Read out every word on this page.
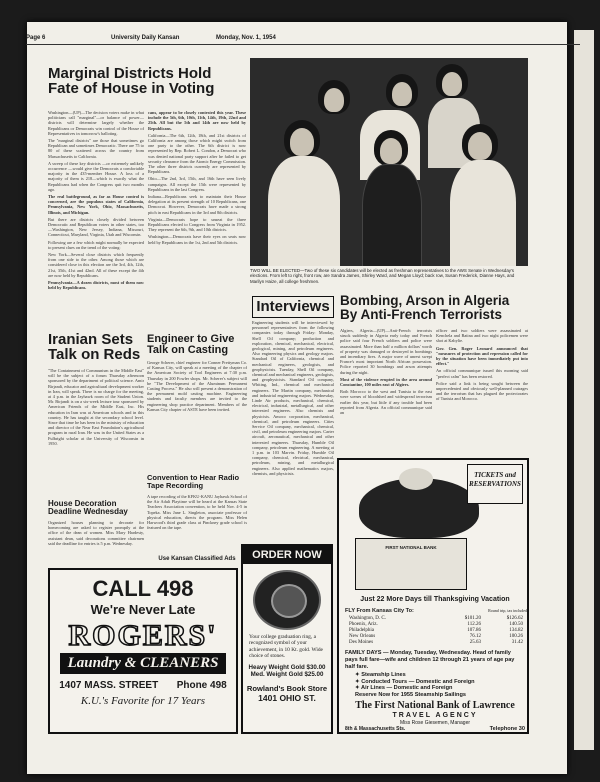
Page 6	University Daily Kansan	Monday, Nov. 1, 1954
Marginal Districts Hold Fate of House in Voting

Washington—(UP)—The decision voters make in what politicians call "marginal"—or balance of power—districts will determine largely whether the Republicans or Democrats win control of the House of Representatives in tomorrow's balloting.

The "marginal districts" are those that sometimes go Republican and sometimes Democratic. There are 75 to 80 of these scattered across the country from Massachusetts to California.

A sweep of these key districts —or extremely unlikely occurrence —would give the Democrats a comfortable majority in the 435-member House. A loss of a majority of them is 218—which is exactly what the Republicans had when the Congress quit two months ago.

The real battleground, as far as House control is concerned, are the populous states of California, Pennsylvania, New York, Ohio, Massachusetts, Illinois, and Michigan.

But there are districts closely divided between Democratic and Republican voters in other states, too—Washington, New Jersey, Indiana, Missouri, Connecticut, Maryland, Virginia, Utah and Wisconsin.

Following are a few which might normally be expected to present clues on the trend of the voting:

New York—Several close districts which frequently from one side to the other. Among those which are considered close in this election are the 3rd, 4th, 12th, 21st, 35th, 41st and 42nd. All of these except the 4th are now held by Republicans.

Pennsylvania—A dozen districts, most of them now held by Republicans.

cans, appear to be closely contested this year. These include the 5th, 6th, 10th, 11th, 14th, 19th, 22nd and 25th. All but the 5th and 14th are now held by Republicans.

California—The 6th, 12th, 18th, and 21st districts of California are among those which might switch from one party to the other. The 6th district is now represented by Rep. Robert L. Condon, a Democrat who was denied national party support after he failed to get security clearance from the Atomic Energy Commission. The other three districts currently are represented by Republicans.

Ohio—The 2nd, 3rd, 15th, and 16th have seen lively campaigns. All except the 15th were represented by Republicans in the last Congress.

Indiana—Republicans seek to maintain their House delegation at its present strength of 10 Republicans, one Democrat. However, Democrats have made a strong pitch in east Republicans in the 3rd and 8th districts.

Virginia—Democrats hope to unseat the three Republicans elected to Congress from Virginia in 1952. They represent the 6th, 9th, and 10th districts.

Washington—Democrats have their eyes on seats now held by Republicans in the 1st, 2nd and 5th districts.

TWO WILL BE ELECTED—Two of these six candidates will be elected as freshman representatives to the AWS Senate in Wednesday's elections. From left to right, front row, are Sandra James, Shirley Ward, and Megan Lloyd; back row, Susan Frederick, Dianne Hays, and Marilyn Haize, all college freshmen.
Iranian Sets Talk on Reds
"The Containment of Communism in the Middle East" will be the subject of a forum Thursday afternoon sponsored by the department of political science. Amir Birjandi, educator and agricultural development worker in Iran, will speak. There is no charge for the meeting, at 4 p.m. in the Jayhawk room of the Student Union. Mr. Birjandi is on a six-week lecture tour sponsored by American Friends of the Middle East, Inc. His education in Iran was at American schools and in this country. He has taught at the secondary school level. Since that time he has been in the ministry of education and director of the Near East Foundation's agricultural program in rural Iran. He was in the United States as a Fulbright scholar at the University of Wisconsin in 1950.
House Decoration Deadline Wednesday
Organized houses planning to decorate for homecoming are asked to register promptly at the office of the dean of women. Miss Mary Hardesty, assistant dean, said decorations committee chairmen said the deadline for entries is 5 p.m. Wednesday.
Engineer to Give Talk on Casting
George Scherer, chief engineer for Conner Prettyman Co. of Kansas City, will speak at a meeting of the chapter of the American Society of Tool Engineers at 7:30 p.m. Thursday in 200 Fowler shops. Mr. Scherer's subject will be "The Development of the Aluminum Permanent Casting Process." He also will present a demonstration of the permanent mold casting machine. Engineering students and faculty members are invited to the engineering shop practice department. Members of the Kansas City chapter of ASTE have been invited.
Convention to Hear Radio Tape Recording
A tape recording of the KFKU-KANU Jayhawk School of the Air Adult Playtime will be heard at the Kansas State Teachers Association convention, to be held Nov. 4-5 in Topeka. Miss Jane L. Singleton, associate professor of physical education, directs the program. Miss Helen Harwood's third grade class at Pinckney grade school is featured on the tape.
Use Kansan Classified Ads
Interviews
Engineering students will be interviewed by personnel representatives from the following companies today through Friday: Monday, Shell Oil company; production and exploration, chemical, mechanical, electrical, geological, mining, and petroleum engineers. Also engineering physics and geology majors. Standard Oil of California, chemical and mechanical engineers, geologists, and geophysicists. Tuesday, Shell Oil company, chemical and mechanical engineers, geologists, and geophysicists. Standard Oil company, Whiting, Ind., chemical and mechanical engineers. The Martin company, mechanical and industrial engineering majors. Wednesday, Linde Air products, mechanical, chemical, electrical, industrial, metallurgical, and other interested engineers. Also chemists and physicists. Amoco corporation, mechanical, chemical, and petroleum engineers. Cities Service Oil company, mechanical, chemical, civil, and petroleum engineering majors. Carter aircraft, aeronautical, mechanical and other interested engineers. Thursday, Humble Oil company, petroleum engineering. A meeting at 1 p.m. in 103 Marvin. Friday, Humble Oil company, chemical, electrical, mechanical, petroleum, mining, and metallurgical engineers. Also applied mathematics majors, chemists, and physicists.
Bombing, Arson in Algeria By Anti-French Terrorists

Algiers, Algeria—(UP)—Anti-French terrorists struck suddenly in Algeria early today and French police said four French soldiers and police were assassinated. More than half a million dollars' worth of property was damaged or destroyed in bombings and incendiary fires. A major wave of unrest swept France's most important North African possession. Police reported 30 bombings and arson attempts during the night.

Most of the violence erupted in the area around Constantine, 100 miles east of Algiers.

Both Morocco to the west and Tunisia to the east were scenes of bloodshed and widespread terrorism earlier this year, but little if any trouble had been reported from Algeria. An official communique said an

officer and two soldiers were assassinated at Kenchela and Batina and two night policemen were shot at Kabylie.

Gov. Gen. Roger Leonard announced that "measures of protection and repression called for by the situation have been immediately put into effect."

An official communique issued this morning said "perfect calm" has been restored.

Police said a link is being sought between the unprecedented and obviously well-planned outrages and the terrorism that has plagued the protectorates of Tunisia and Morocco.

CALL 498
We're Never Late
ROGERS'
Laundry & CLEANERS
1407 MASS. STREET Phone 498
K.U.'s Favorite for 17 Years
ORDER NOW
Your college graduation ring, a recognized symbol of your achievement, in 10 Kt. gold. Wide choice of stones.
Heavy Weight Gold $30.00
Med. Weight Gold $25.00
Rowland's Book Store
1401 OHIO ST.
TICKETS and RESERVATIONS
FIRST NATIONAL BANK
Just 22 More Days till Thanksgiving Vacation
FLY From Kansas City To:	Round trip, tax included
Washington, D. C.	$101.20	$126.62
Phoenix, Ariz.	112.26	140.50
Philadelphia	107.86	134.82
New Orleans	76.12	100.26
Des Moines	25.63	31.42
FAMILY DAYS — Monday, Tuesday, Wednesday. Head of family pays full fare—wife and children 12 through 21 years of age pay half fare.
✦ Steamship Lines
✦ Conducted Tours — Domestic and Foreign
✦ Air Lines — Domestic and Foreign
Reserve Now for 1955 Steamship Sailings
The First National Bank of Lawrence
TRAVEL AGENCY
Miss Rose Giesemen, Manager
8th & Massachusetts Sts.	Telephone 30
